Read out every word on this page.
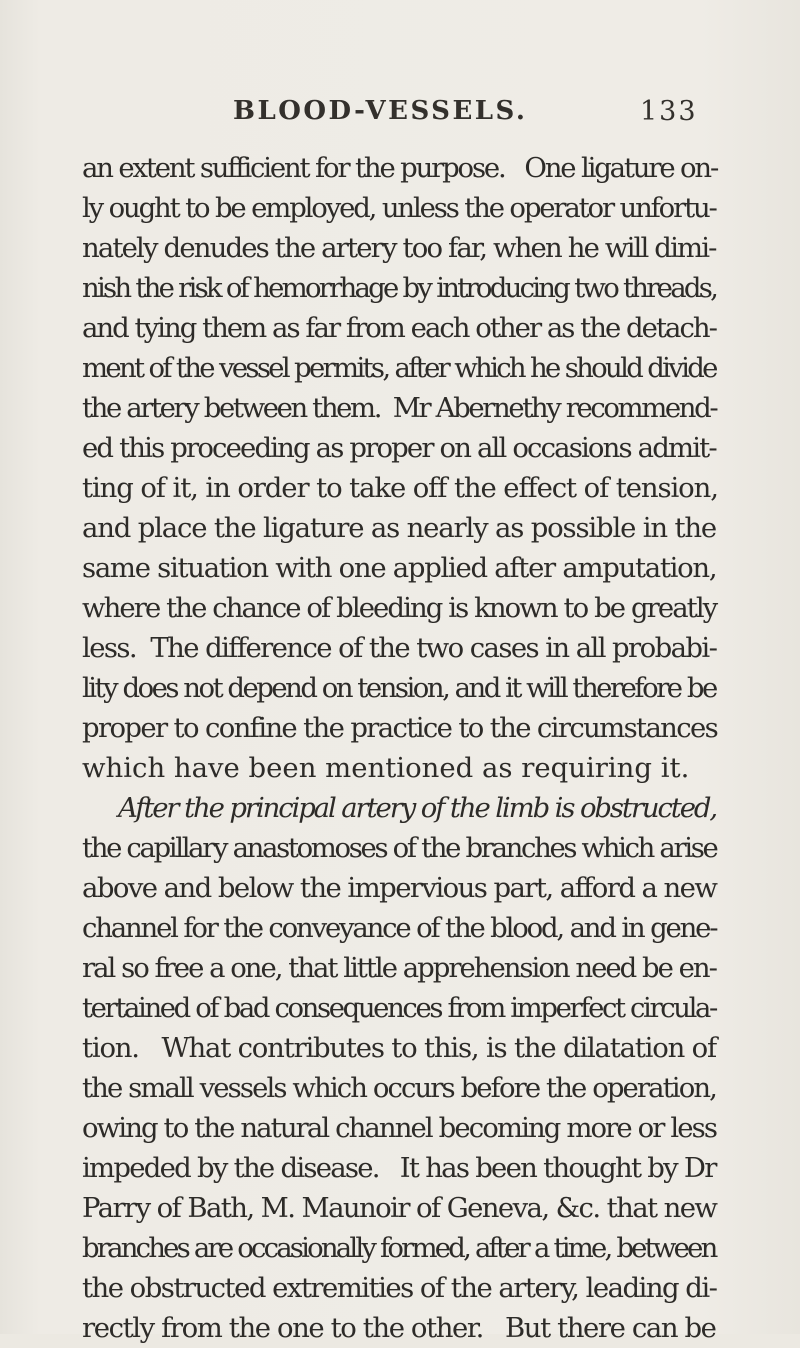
BLOOD-VESSELS.	133
an extent sufficient for the purpose.   One ligature on-
ly ought to be employed, unless the operator unfortu-
nately denudes the artery too far, when he will dimi-
nish the risk of hemorrhage by introducing two threads,
and tying them as far from each other as the detach-
ment of the vessel permits, after which he should divide
the artery between them.  Mr Abernethy recommend-
ed this proceeding as proper on all occasions admit-
ting of it, in order to take off the effect of tension,
and place the ligature as nearly as possible in the
same situation with one applied after amputation,
where the chance of bleeding is known to be greatly
less.  The difference of the two cases in all probabi-
lity does not depend on tension, and it will therefore be
proper to confine the practice to the circumstances
which have been mentioned as requiring it.
After the principal artery of the limb is obstructed,
the capillary anastomoses of the branches which arise
above and below the impervious part, afford a new
channel for the conveyance of the blood, and in gene-
ral so free a one, that little apprehension need be en-
tertained of bad consequences from imperfect circula-
tion.   What contributes to this, is the dilatation of
the small vessels which occurs before the operation,
owing to the natural channel becoming more or less
impeded by the disease.   It has been thought by Dr
Parry of Bath, M. Maunoir of Geneva, &c. that new
branches are occasionally formed, after a time, between
the obstructed extremities of the artery, leading di-
rectly from the one to the other.   But there can be
